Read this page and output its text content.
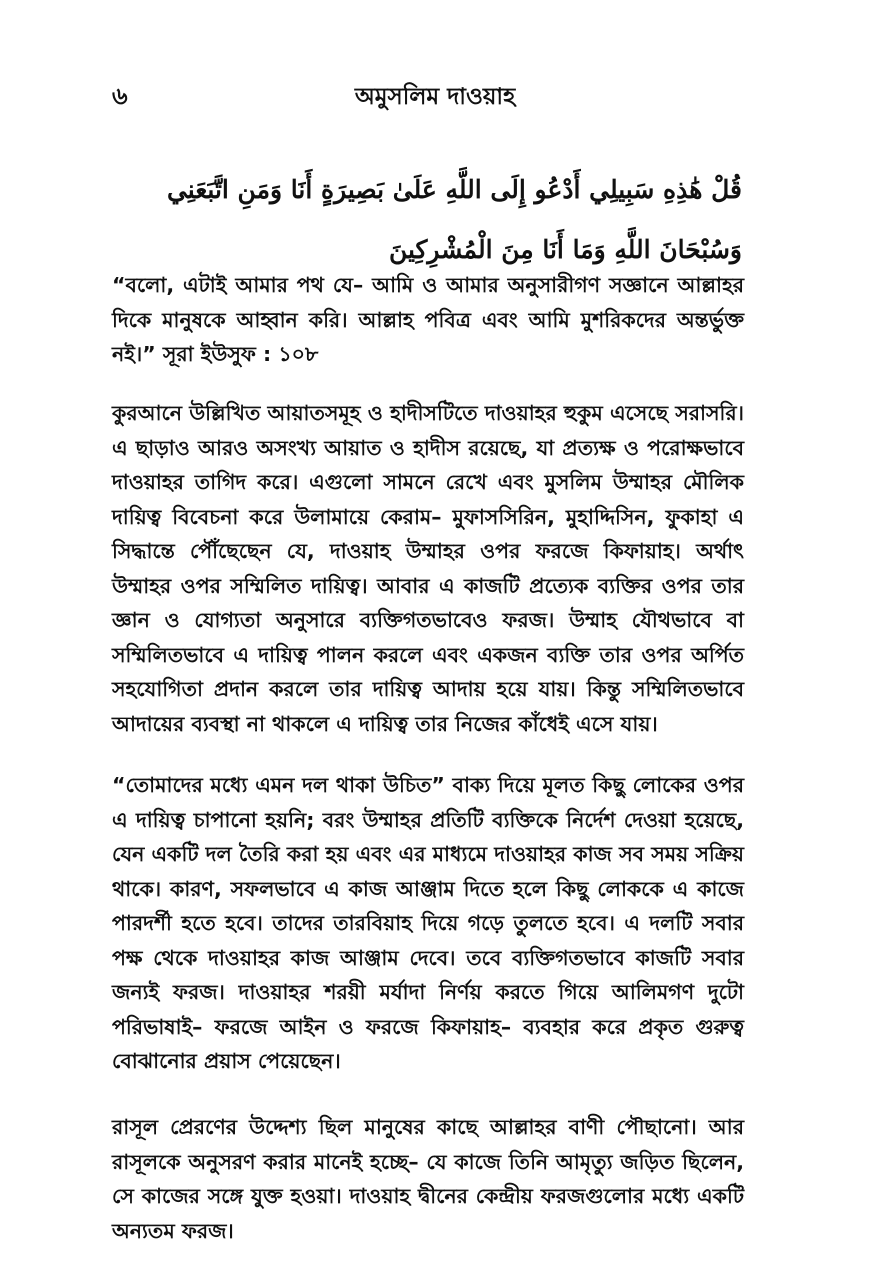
৬	অমুসলিম দাওয়াহ
قُلْ هَٰذِهِ سَبِيلِي أَدْعُو إِلَى اللَّهِ عَلَىٰ بَصِيرَةٍ أَنَا وَمَنِ اتَّبَعَنِي وَسُبْحَانَ اللَّهِ وَمَا أَنَا مِنَ الْمُشْرِكِينَ

“বলো, এটাই আমার পথ যে– আমি ও আমার অনুসারীগণ সজ্ঞানে আল্লাহর দিকে মানুষকে আহ্বান করি। আল্লাহ পবিত্র এবং আমি মুশরিকদের অন্তর্ভুক্ত নই।” সূরা ইউসুফ : ১০৮

কুরআনে উল্লিখিত আয়াতসমূহ ও হাদীসটিতে দাওয়াহর হুকুম এসেছে সরাসরি। এ ছাড়াও আরও অসংখ্য আয়াত ও হাদীস রয়েছে, যা প্রত্যক্ষ ও পরোক্ষভাবে দাওয়াহর তাগিদ করে। এগুলো সামনে রেখে এবং মুসলিম উম্মাহর মৌলিক দায়িত্ব বিবেচনা করে উলামায়ে কেরাম– মুফাসসিরিন, মুহাদ্দিসিন, ফুকাহা এ সিদ্ধান্তে পৌঁছেছেন যে, দাওয়াহ উম্মাহর ওপর ফরজে কিফায়াহ। অর্থাৎ উম্মাহর ওপর সম্মিলিত দায়িত্ব। আবার এ কাজটি প্রত্যেক ব্যক্তির ওপর তার জ্ঞান ও যোগ্যতা অনুসারে ব্যক্তিগতভাবেও ফরজ। উম্মাহ যৌথভাবে বা সম্মিলিতভাবে এ দায়িত্ব পালন করলে এবং একজন ব্যক্তি তার ওপর অর্পিত সহযোগিতা প্রদান করলে তার দায়িত্ব আদায় হয়ে যায়। কিন্তু সম্মিলিতভাবে আদায়ের ব্যবস্থা না থাকলে এ দায়িত্ব তার নিজের কাঁধেই এসে যায়।

“তোমাদের মধ্যে এমন দল থাকা উচিত” বাক্য দিয়ে মূলত কিছু লোকের ওপর এ দায়িত্ব চাপানো হয়নি; বরং উম্মাহর প্রতিটি ব্যক্তিকে নির্দেশ দেওয়া হয়েছে, যেন একটি দল তৈরি করা হয় এবং এর মাধ্যমে দাওয়াহর কাজ সব সময় সক্রিয় থাকে। কারণ, সফলভাবে এ কাজ আঞ্জাম দিতে হলে কিছু লোককে এ কাজে পারদর্শী হতে হবে। তাদের তারবিয়াহ দিয়ে গড়ে তুলতে হবে। এ দলটি সবার পক্ষ থেকে দাওয়াহর কাজ আঞ্জাম দেবে। তবে ব্যক্তিগতভাবে কাজটি সবার জন্যই ফরজ। দাওয়াহর শরয়ী মর্যাদা নির্ণয় করতে গিয়ে আলিমগণ দুটো পরিভাষাই– ফরজে আইন ও ফরজে কিফায়াহ– ব্যবহার করে প্রকৃত গুরুত্ব বোঝানোর প্রয়াস পেয়েছেন।

রাসূল প্রেরণের উদ্দেশ্য ছিল মানুষের কাছে আল্লাহর বাণী পৌছানো। আর রাসূলকে অনুসরণ করার মানেই হচ্ছে– যে কাজে তিনি আমৃত্যু জড়িত ছিলেন, সে কাজের সঙ্গে যুক্ত হওয়া। দাওয়াহ দ্বীনের কেন্দ্রীয় ফরজগুলোর মধ্যে একটি অন্যতম ফরজ।
